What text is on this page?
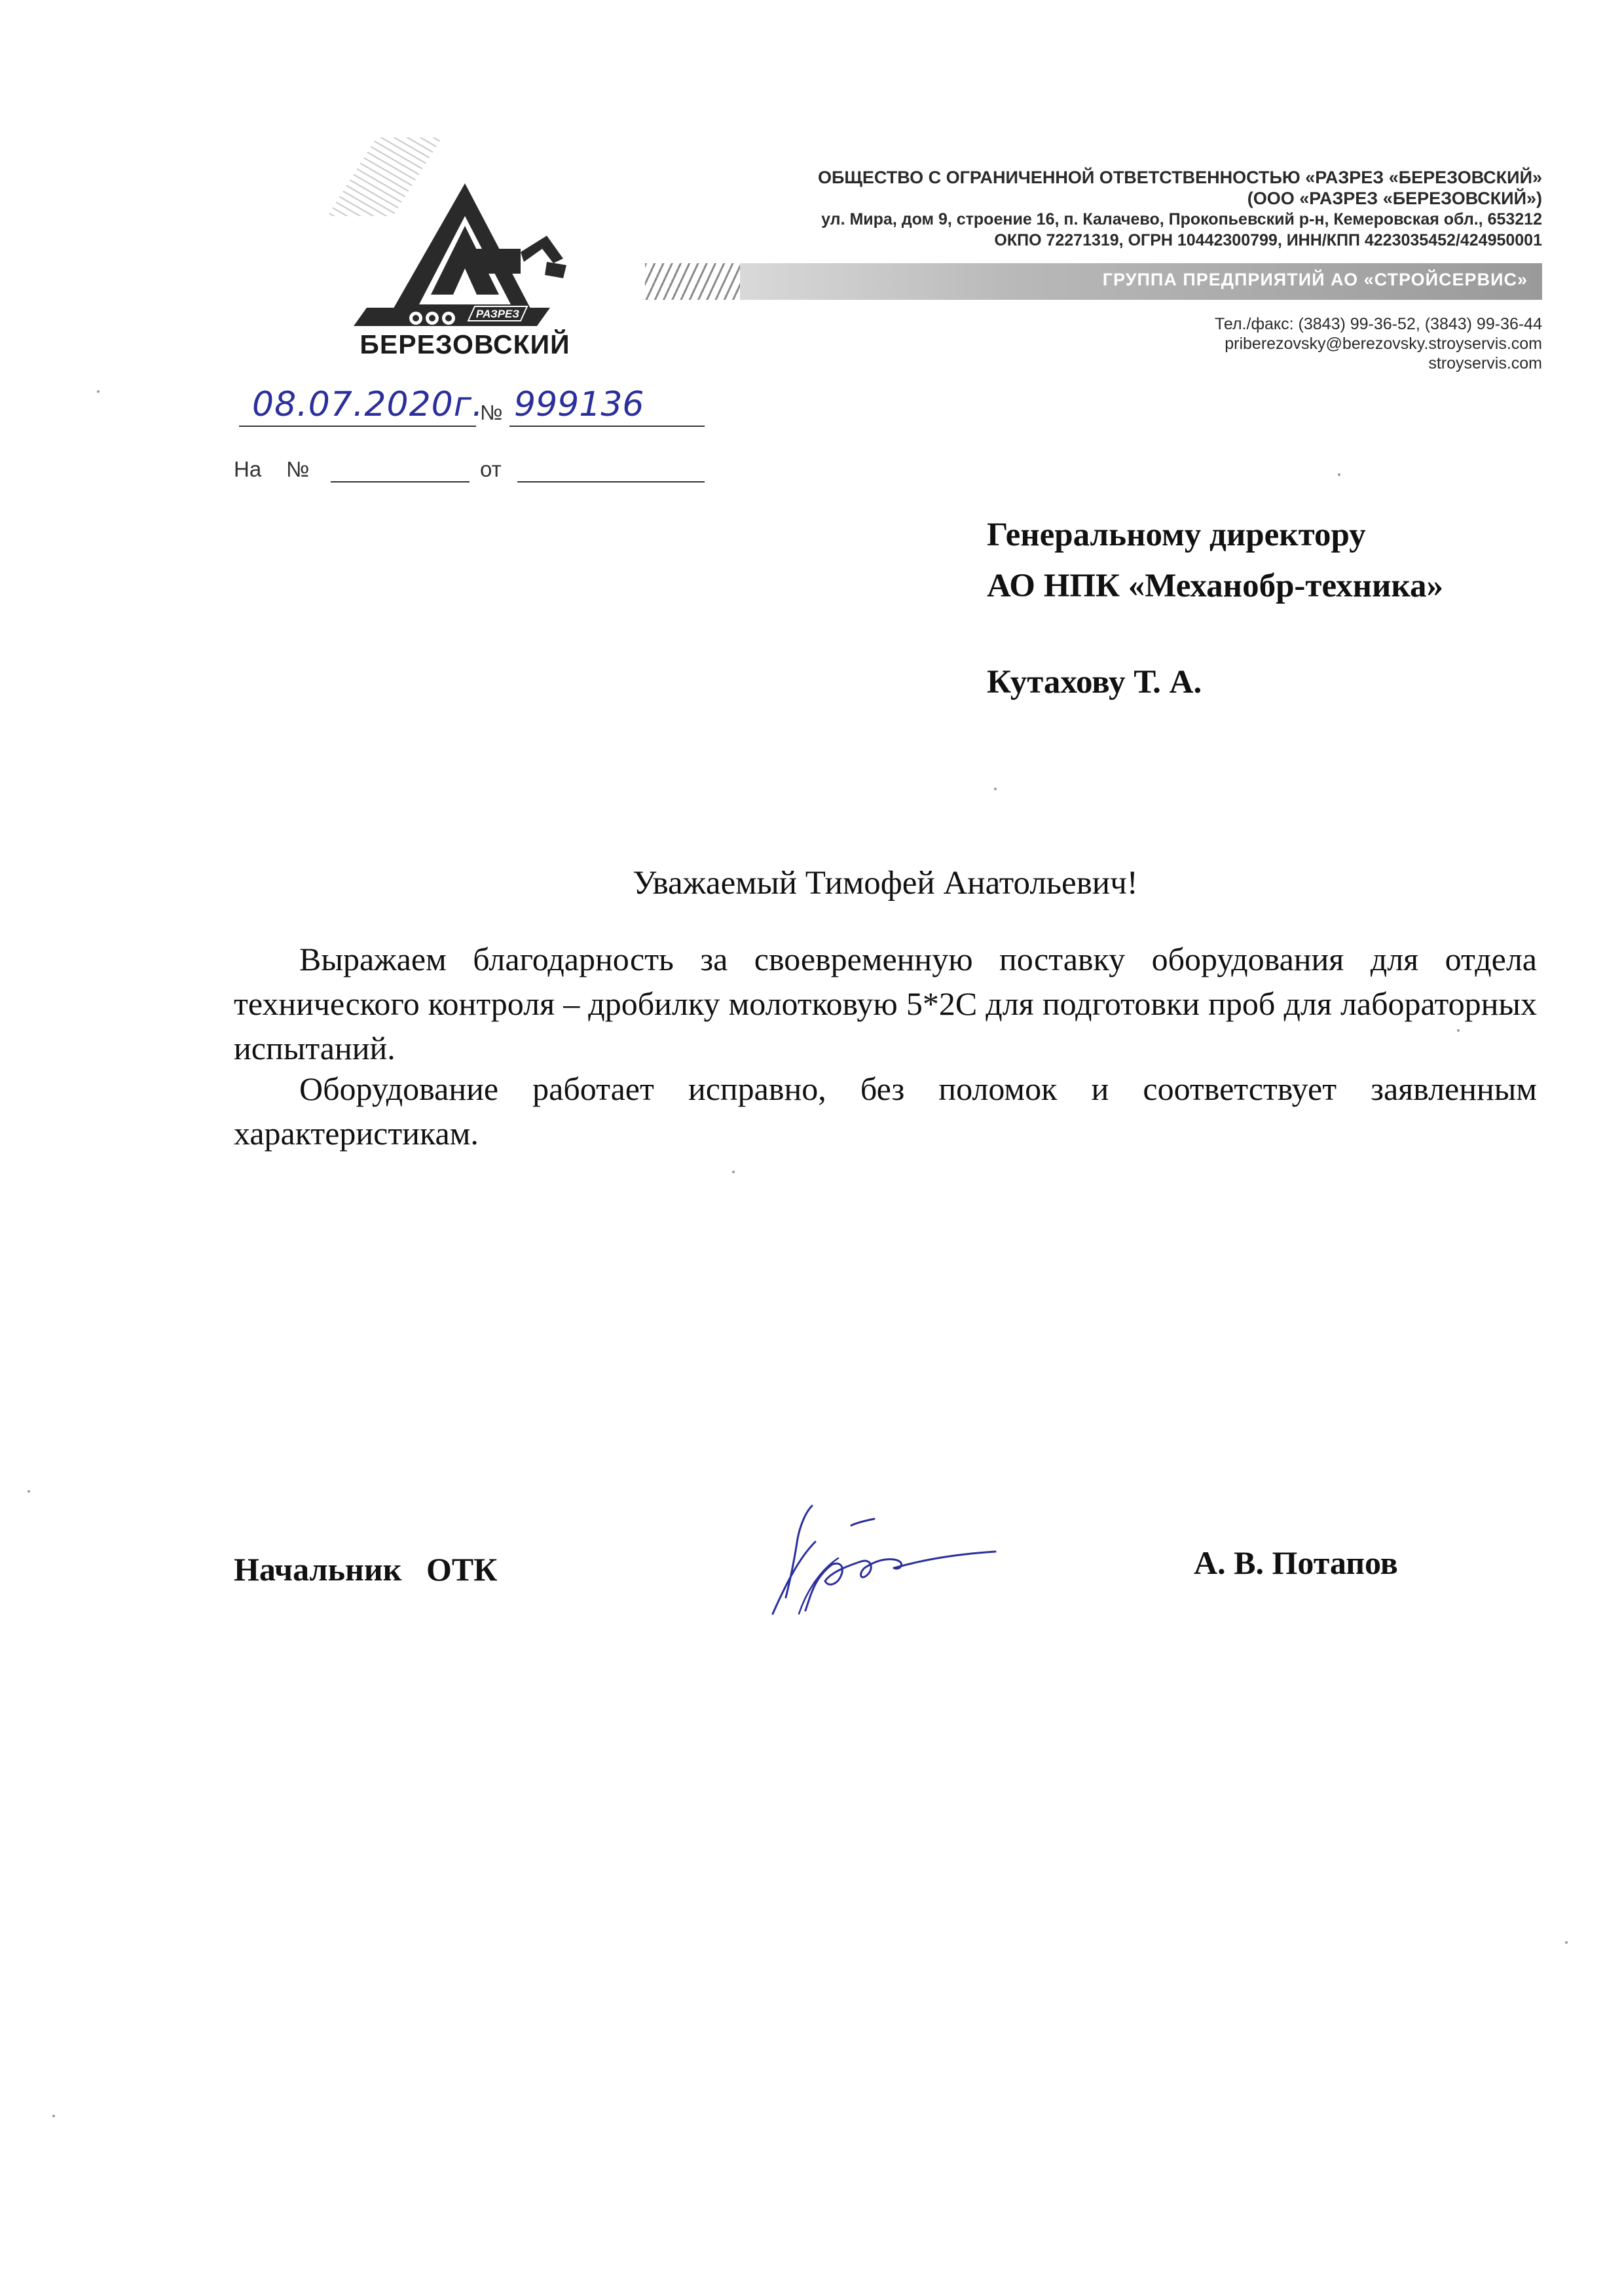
РАЗРЕЗ
БЕРЕЗОВСКИЙ
ОБЩЕСТВО С ОГРАНИЧЕННОЙ ОТВЕТСТВЕННОСТЬЮ «РАЗРЕЗ «БЕРЕЗОВСКИЙ»
(ООО «РАЗРЕЗ «БЕРЕЗОВСКИЙ»)
ул. Мира, дом 9, строение 16, п. Калачево, Прокопьевский р-н, Кемеровская обл., 653212
ОКПО 72271319, ОГРН 10442300799, ИНН/КПП 4223035452/424950001
ГРУППА ПРЕДПРИЯТИЙ АО «СТРОЙСЕРВИС»
Тел./факс: (3843) 99-36-52, (3843) 99-36-44
priberezovsky@berezovsky.stroyservis.com
stroyservis.com
08.07.2020г.
№ 999136
На №	от
Генеральному директору
АО НПК «Механобр-техника»
Кутахову Т. А.
Уважаемый Тимофей Анатольевич!
Выражаем благодарность за своевременную поставку оборудования для отдела технического контроля – дробилку молотковую 5*2С для подготовки проб для лабораторных испытаний.
Оборудование работает исправно, без поломок и соответствует заявленным характеристикам.
Начальник   ОТК	А. В. Потапов
